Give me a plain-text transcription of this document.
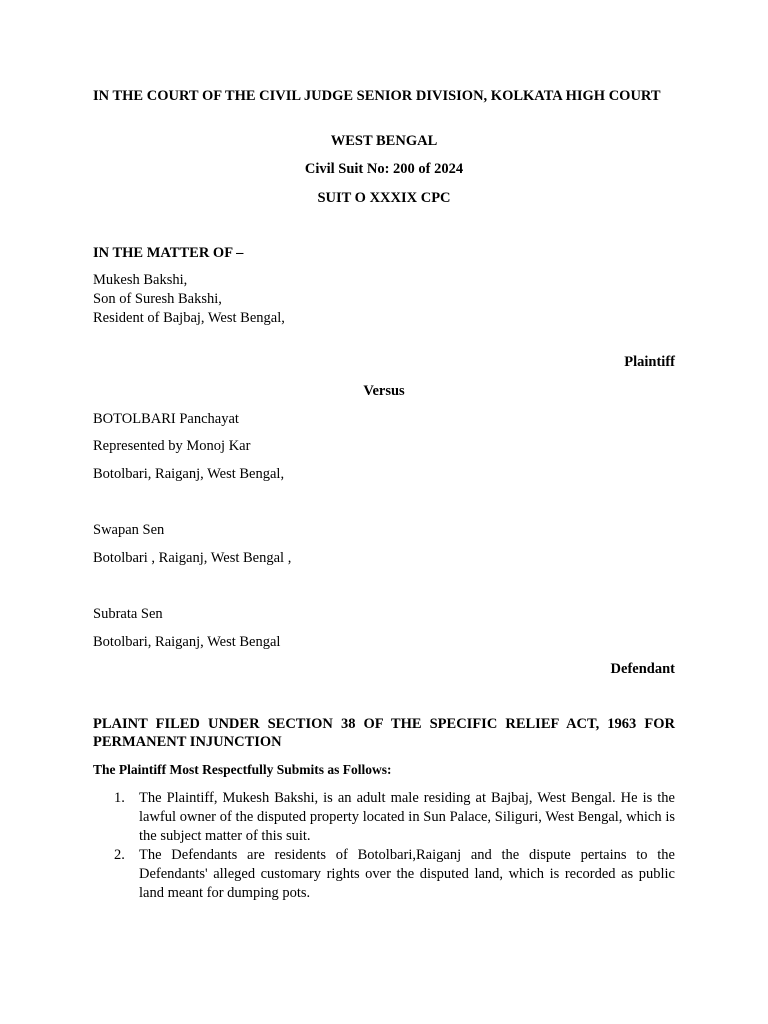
IN THE COURT OF THE CIVIL JUDGE SENIOR DIVISION, KOLKATA HIGH COURT
WEST BENGAL
Civil Suit No: 200 of 2024
SUIT O XXXIX CPC
IN THE MATTER OF –
Mukesh Bakshi,
Son of Suresh Bakshi,
Resident of Bajbaj, West Bengal,
Plaintiff
Versus
BOTOLBARI Panchayat
Represented by Monoj Kar
Botolbari, Raiganj, West Bengal,
Swapan Sen
Botolbari , Raiganj, West Bengal ,
Subrata Sen
Botolbari, Raiganj, West Bengal
Defendant
PLAINT FILED UNDER SECTION 38 OF THE SPECIFIC RELIEF ACT, 1963 FOR PERMANENT INJUNCTION
The Plaintiff Most Respectfully Submits as Follows:
1. The Plaintiff, Mukesh Bakshi, is an adult male residing at Bajbaj, West Bengal. He is the lawful owner of the disputed property located in Sun Palace, Siliguri, West Bengal, which is the subject matter of this suit.
2. The Defendants are residents of Botolbari,Raiganj and the dispute pertains to the Defendants' alleged customary rights over the disputed land, which is recorded as public land meant for dumping pots.
